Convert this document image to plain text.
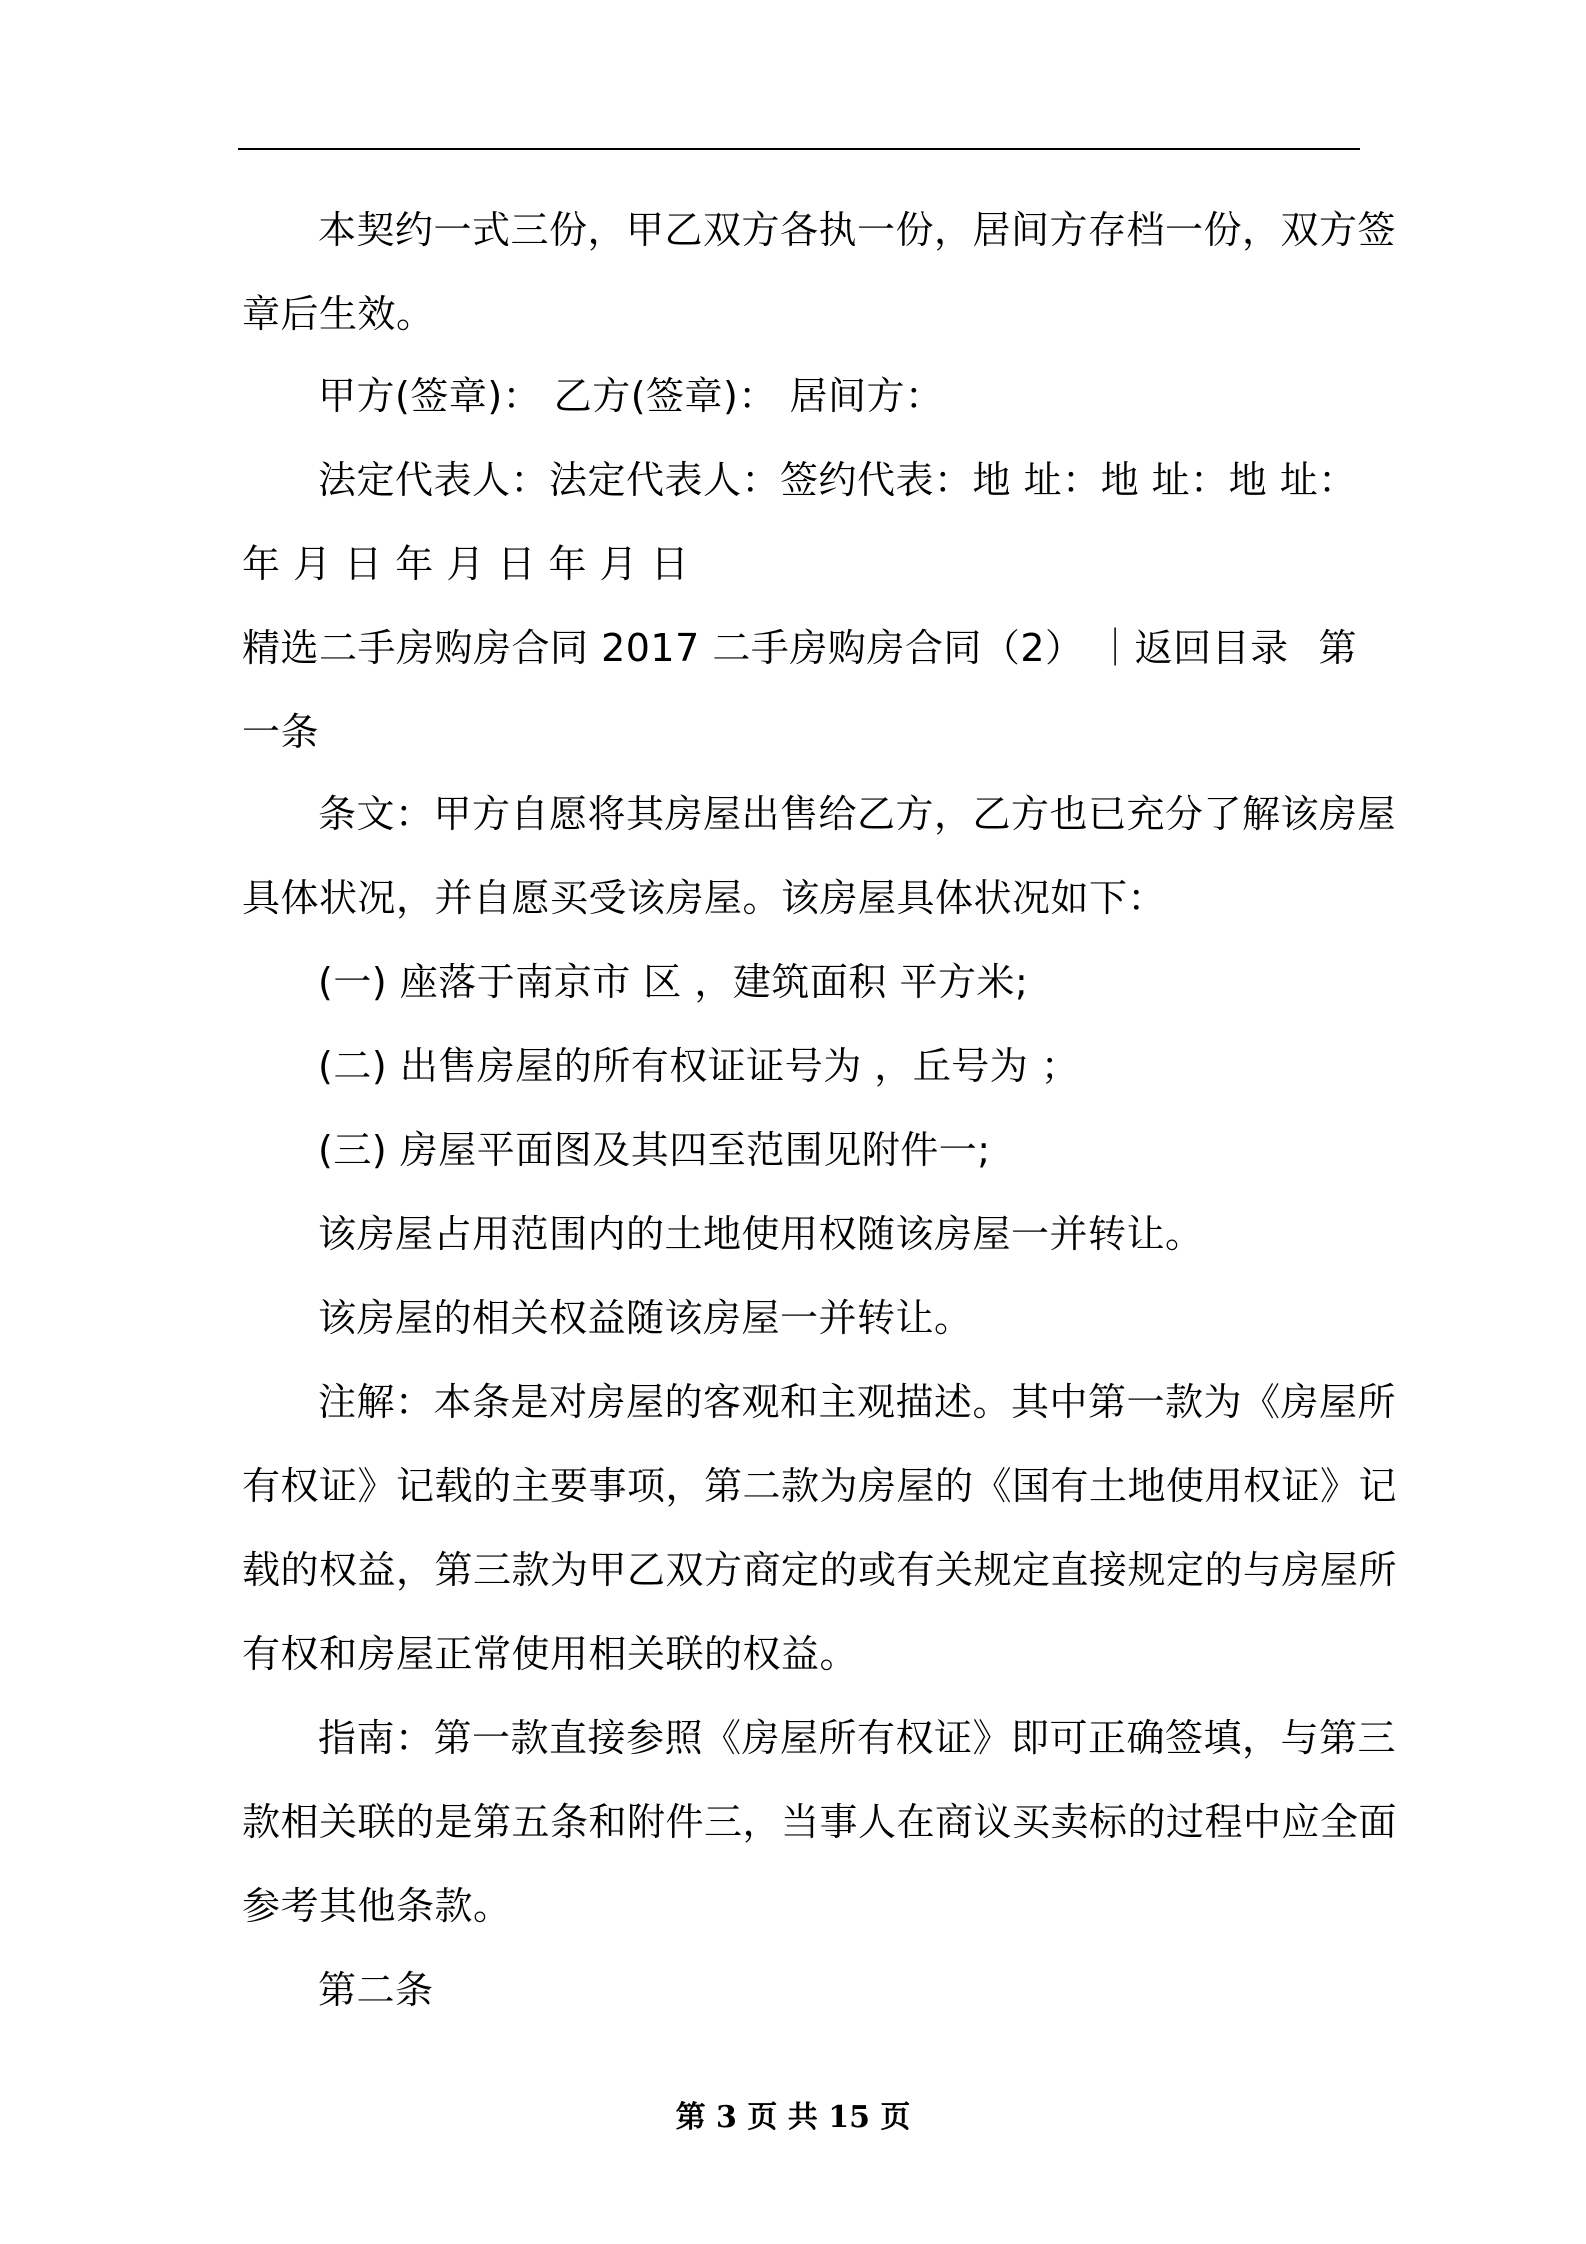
本契约一式三份，甲乙双方各执一份，居间方存档一份，双方签
章后生效。
甲方(签章)： 乙方(签章)： 居间方：
法定代表人：法定代表人：签约代表：地 址：地 址：地 址：
年 月 日 年 月 日 年 月 日
精选二手房购房合同 2017 二手房购房合同（2） ｜返回目录 第
一条
条文：甲方自愿将其房屋出售给乙方，乙方也已充分了解该房屋
具体状况，并自愿买受该房屋。该房屋具体状况如下：
(一) 座落于南京市 区 ，建筑面积 平方米;
(二) 出售房屋的所有权证证号为 ，丘号为 ；
(三) 房屋平面图及其四至范围见附件一;
该房屋占用范围内的土地使用权随该房屋一并转让。
该房屋的相关权益随该房屋一并转让。
注解：本条是对房屋的客观和主观描述。其中第一款为《房屋所
有权证》记载的主要事项，第二款为房屋的《国有土地使用权证》记
载的权益，第三款为甲乙双方商定的或有关规定直接规定的与房屋所
有权和房屋正常使用相关联的权益。
指南：第一款直接参照《房屋所有权证》即可正确签填，与第三
款相关联的是第五条和附件三，当事人在商议买卖标的过程中应全面
参考其他条款。
第二条
第 3 页 共 15 页
